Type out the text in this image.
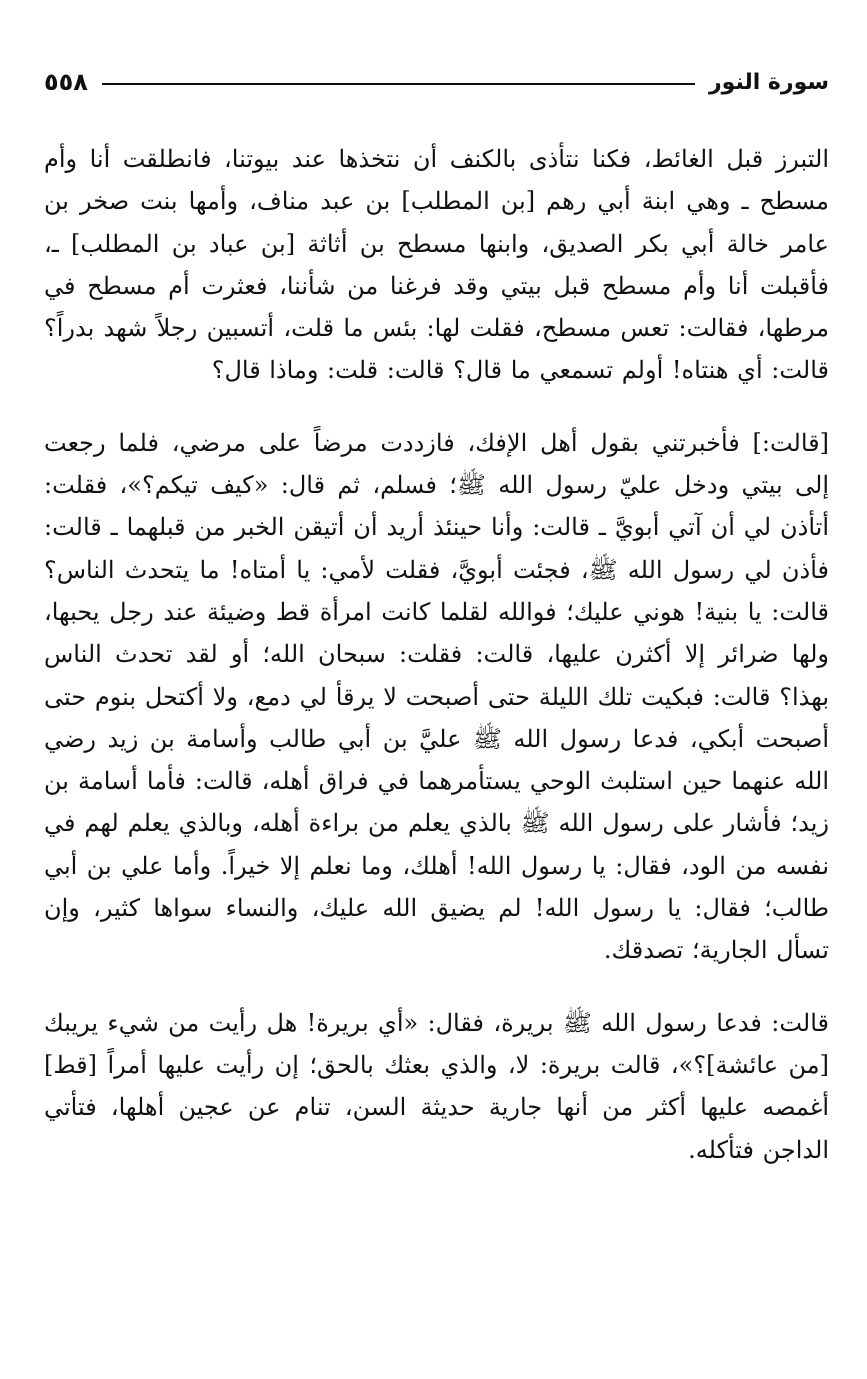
سورة النور
٥٥٨

التبرز قبل الغائط، فكنا نتأذى بالكنف أن نتخذها عند بيوتنا، فانطلقت أنا وأم مسطح ـ وهي ابنة أبي رهم [بن المطلب] بن عبد مناف، وأمها بنت صخر بن عامر خالة أبي بكر الصديق، وابنها مسطح بن أثاثة [بن عباد بن المطلب] ـ، فأقبلت أنا وأم مسطح قبل بيتي وقد فرغنا من شأننا، فعثرت أم مسطح في مرطها، فقالت: تعس مسطح، فقلت لها: بئس ما قلت، أتسبين رجلاً شهد بدراً؟ قالت: أي هنتاه! أولم تسمعي ما قال؟ قالت: قلت: وماذا قال؟

[قالت:] فأخبرتني بقول أهل الإفك، فازددت مرضاً على مرضي، فلما رجعت إلى بيتي ودخل عليّ رسول الله ﷺ؛ فسلم، ثم قال: «كيف تيكم؟»، فقلت: أتأذن لي أن آتي أبويَّ ـ قالت: وأنا حينئذ أريد أن أتيقن الخبر من قبلهما ـ قالت: فأذن لي رسول الله ﷺ، فجئت أبويَّ، فقلت لأمي: يا أمتاه! ما يتحدث الناس؟ قالت: يا بنية! هوني عليك؛ فوالله لقلما كانت امرأة قط وضيئة عند رجل يحبها، ولها ضرائر إلا أكثرن عليها، قالت: فقلت: سبحان الله؛ أو لقد تحدث الناس بهذا؟ قالت: فبكيت تلك الليلة حتى أصبحت لا يرقأ لي دمع، ولا أكتحل بنوم حتى أصبحت أبكي، فدعا رسول الله ﷺ عليَّ بن أبي طالب وأسامة بن زيد رضي الله عنهما حين استلبث الوحي يستأمرهما في فراق أهله، قالت: فأما أسامة بن زيد؛ فأشار على رسول الله ﷺ بالذي يعلم من براءة أهله، وبالذي يعلم لهم في نفسه من الود، فقال: يا رسول الله! أهلك، وما نعلم إلا خيراً. وأما علي بن أبي طالب؛ فقال: يا رسول الله! لم يضيق الله عليك، والنساء سواها كثير، وإن تسأل الجارية؛ تصدقك.

قالت: فدعا رسول الله ﷺ بريرة، فقال: «أي بريرة! هل رأيت من شيء يريبك [من عائشة]؟»، قالت بريرة: لا، والذي بعثك بالحق؛ إن رأيت عليها أمراً [قط] أغمصه عليها أكثر من أنها جارية حديثة السن، تنام عن عجين أهلها، فتأتي الداجن فتأكله.
